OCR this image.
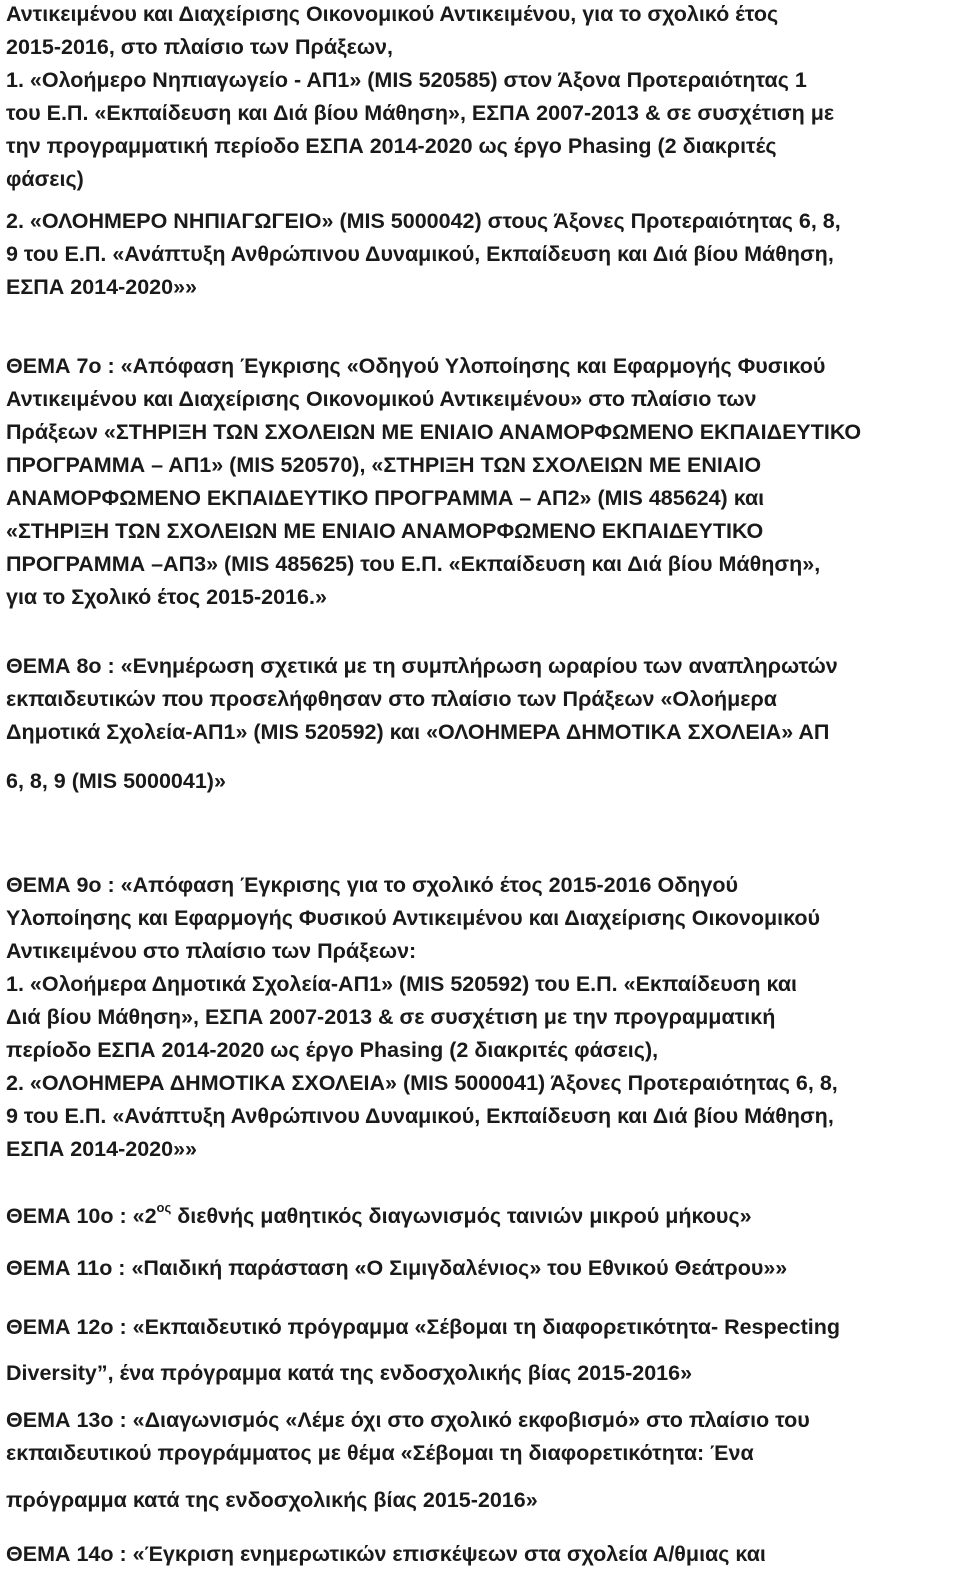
Αντικειμένου και Διαχείρισης Οικονομικού Αντικειμένου, για το σχολικό έτος
2015-2016, στο πλαίσιο των Πράξεων,
1. «Ολοήμερο Νηπιαγωγείο - ΑΠ1» (MIS 520585) στον Άξονα Προτεραιότητας 1
του Ε.Π. «Εκπαίδευση και Διά βίου Μάθηση», ΕΣΠΑ 2007-2013 & σε συσχέτιση με
την προγραμματική περίοδο ΕΣΠΑ 2014-2020 ως έργο Phasing (2 διακριτές
φάσεις)
2. «ΟΛΟΗΜΕΡΟ ΝΗΠΙΑΓΩΓΕΙΟ» (MIS 5000042) στους Άξονες Προτεραιότητας 6, 8,
9 του Ε.Π. «Ανάπτυξη Ανθρώπινου Δυναμικού, Εκπαίδευση και Διά βίου Μάθηση,
ΕΣΠΑ 2014-2020»»
ΘΕΜΑ 7ο : «Απόφαση Έγκρισης «Οδηγού Υλοποίησης και Εφαρμογής Φυσικού
Αντικειμένου και Διαχείρισης Οικονομικού Αντικειμένου» στο πλαίσιο των
Πράξεων «ΣΤΗΡΙΞΗ ΤΩΝ ΣΧΟΛΕΙΩΝ ΜΕ ΕΝΙΑΙΟ ΑΝΑΜΟΡΦΩΜΕΝΟ ΕΚΠΑΙΔΕΥΤΙΚΟ
ΠΡΟΓΡΑΜΜΑ – ΑΠ1» (MIS 520570), «ΣΤΗΡΙΞΗ ΤΩΝ ΣΧΟΛΕΙΩΝ ΜΕ ΕΝΙΑΙΟ
ΑΝΑΜΟΡΦΩΜΕΝΟ ΕΚΠΑΙΔΕΥΤΙΚΟ ΠΡΟΓΡΑΜΜΑ – ΑΠ2» (MIS 485624) και
«ΣΤΗΡΙΞΗ ΤΩΝ ΣΧΟΛΕΙΩΝ ΜΕ ΕΝΙΑΙΟ ΑΝΑΜΟΡΦΩΜΕΝΟ ΕΚΠΑΙΔΕΥΤΙΚΟ
ΠΡΟΓΡΑΜΜΑ –ΑΠ3» (MIS 485625) του Ε.Π. «Εκπαίδευση και Διά βίου Μάθηση»,
για το Σχολικό έτος 2015-2016.»
ΘΕΜΑ 8ο : «Ενημέρωση σχετικά με τη συμπλήρωση ωραρίου των αναπληρωτών
εκπαιδευτικών που προσελήφθησαν στο πλαίσιο των Πράξεων «Ολοήμερα
Δημοτικά Σχολεία-ΑΠ1» (MIS 520592) και «ΟΛΟΗΜΕΡΑ ΔΗΜΟΤΙΚΑ ΣΧΟΛΕΙΑ» ΑΠ
6, 8, 9 (MIS 5000041)»
ΘΕΜΑ 9ο : «Απόφαση Έγκρισης για το σχολικό έτος 2015-2016 Οδηγού
Υλοποίησης και Εφαρμογής Φυσικού Αντικειμένου και Διαχείρισης Οικονομικού
Αντικειμένου στο πλαίσιο των Πράξεων:
1. «Ολοήμερα Δημοτικά Σχολεία-ΑΠ1» (MIS 520592) του Ε.Π. «Εκπαίδευση και
Διά βίου Μάθηση», ΕΣΠΑ 2007-2013 & σε συσχέτιση με την προγραμματική
περίοδο ΕΣΠΑ 2014-2020 ως έργο Phasing (2 διακριτές φάσεις),
2. «ΟΛΟΗΜΕΡΑ ΔΗΜΟΤΙΚΑ ΣΧΟΛΕΙΑ» (MIS 5000041) Άξονες Προτεραιότητας 6, 8,
9 του Ε.Π. «Ανάπτυξη Ανθρώπινου Δυναμικού, Εκπαίδευση και Διά βίου Μάθηση,
ΕΣΠΑ 2014-2020»»
ΘΕΜΑ 10ο : «$2^{o\varsigma}$ διεθνής μαθητικός διαγωνισμός ταινιών μικρού μήκους»
ΘΕΜΑ 11ο : «Παιδική παράσταση «Ο Σιμιγδαλένιος» του Εθνικού Θεάτρου»»
ΘΕΜΑ 12ο : «Εκπαιδευτικό πρόγραμμα «Σέβομαι τη διαφορετικότητα- Respecting
Diversity”, ένα πρόγραμμα κατά της ενδοσχολικής βίας 2015-2016»
ΘΕΜΑ 13ο : «Διαγωνισμός «Λέμε όχι στο σχολικό εκφοβισμό» στο πλαίσιο του
εκπαιδευτικού προγράμματος με θέμα «Σέβομαι τη διαφορετικότητα: Ένα
πρόγραμμα κατά της ενδοσχολικής βίας 2015-2016»
ΘΕΜΑ 14ο : «Έγκριση ενημερωτικών επισκέψεων στα σχολεία Α/θμιας και
